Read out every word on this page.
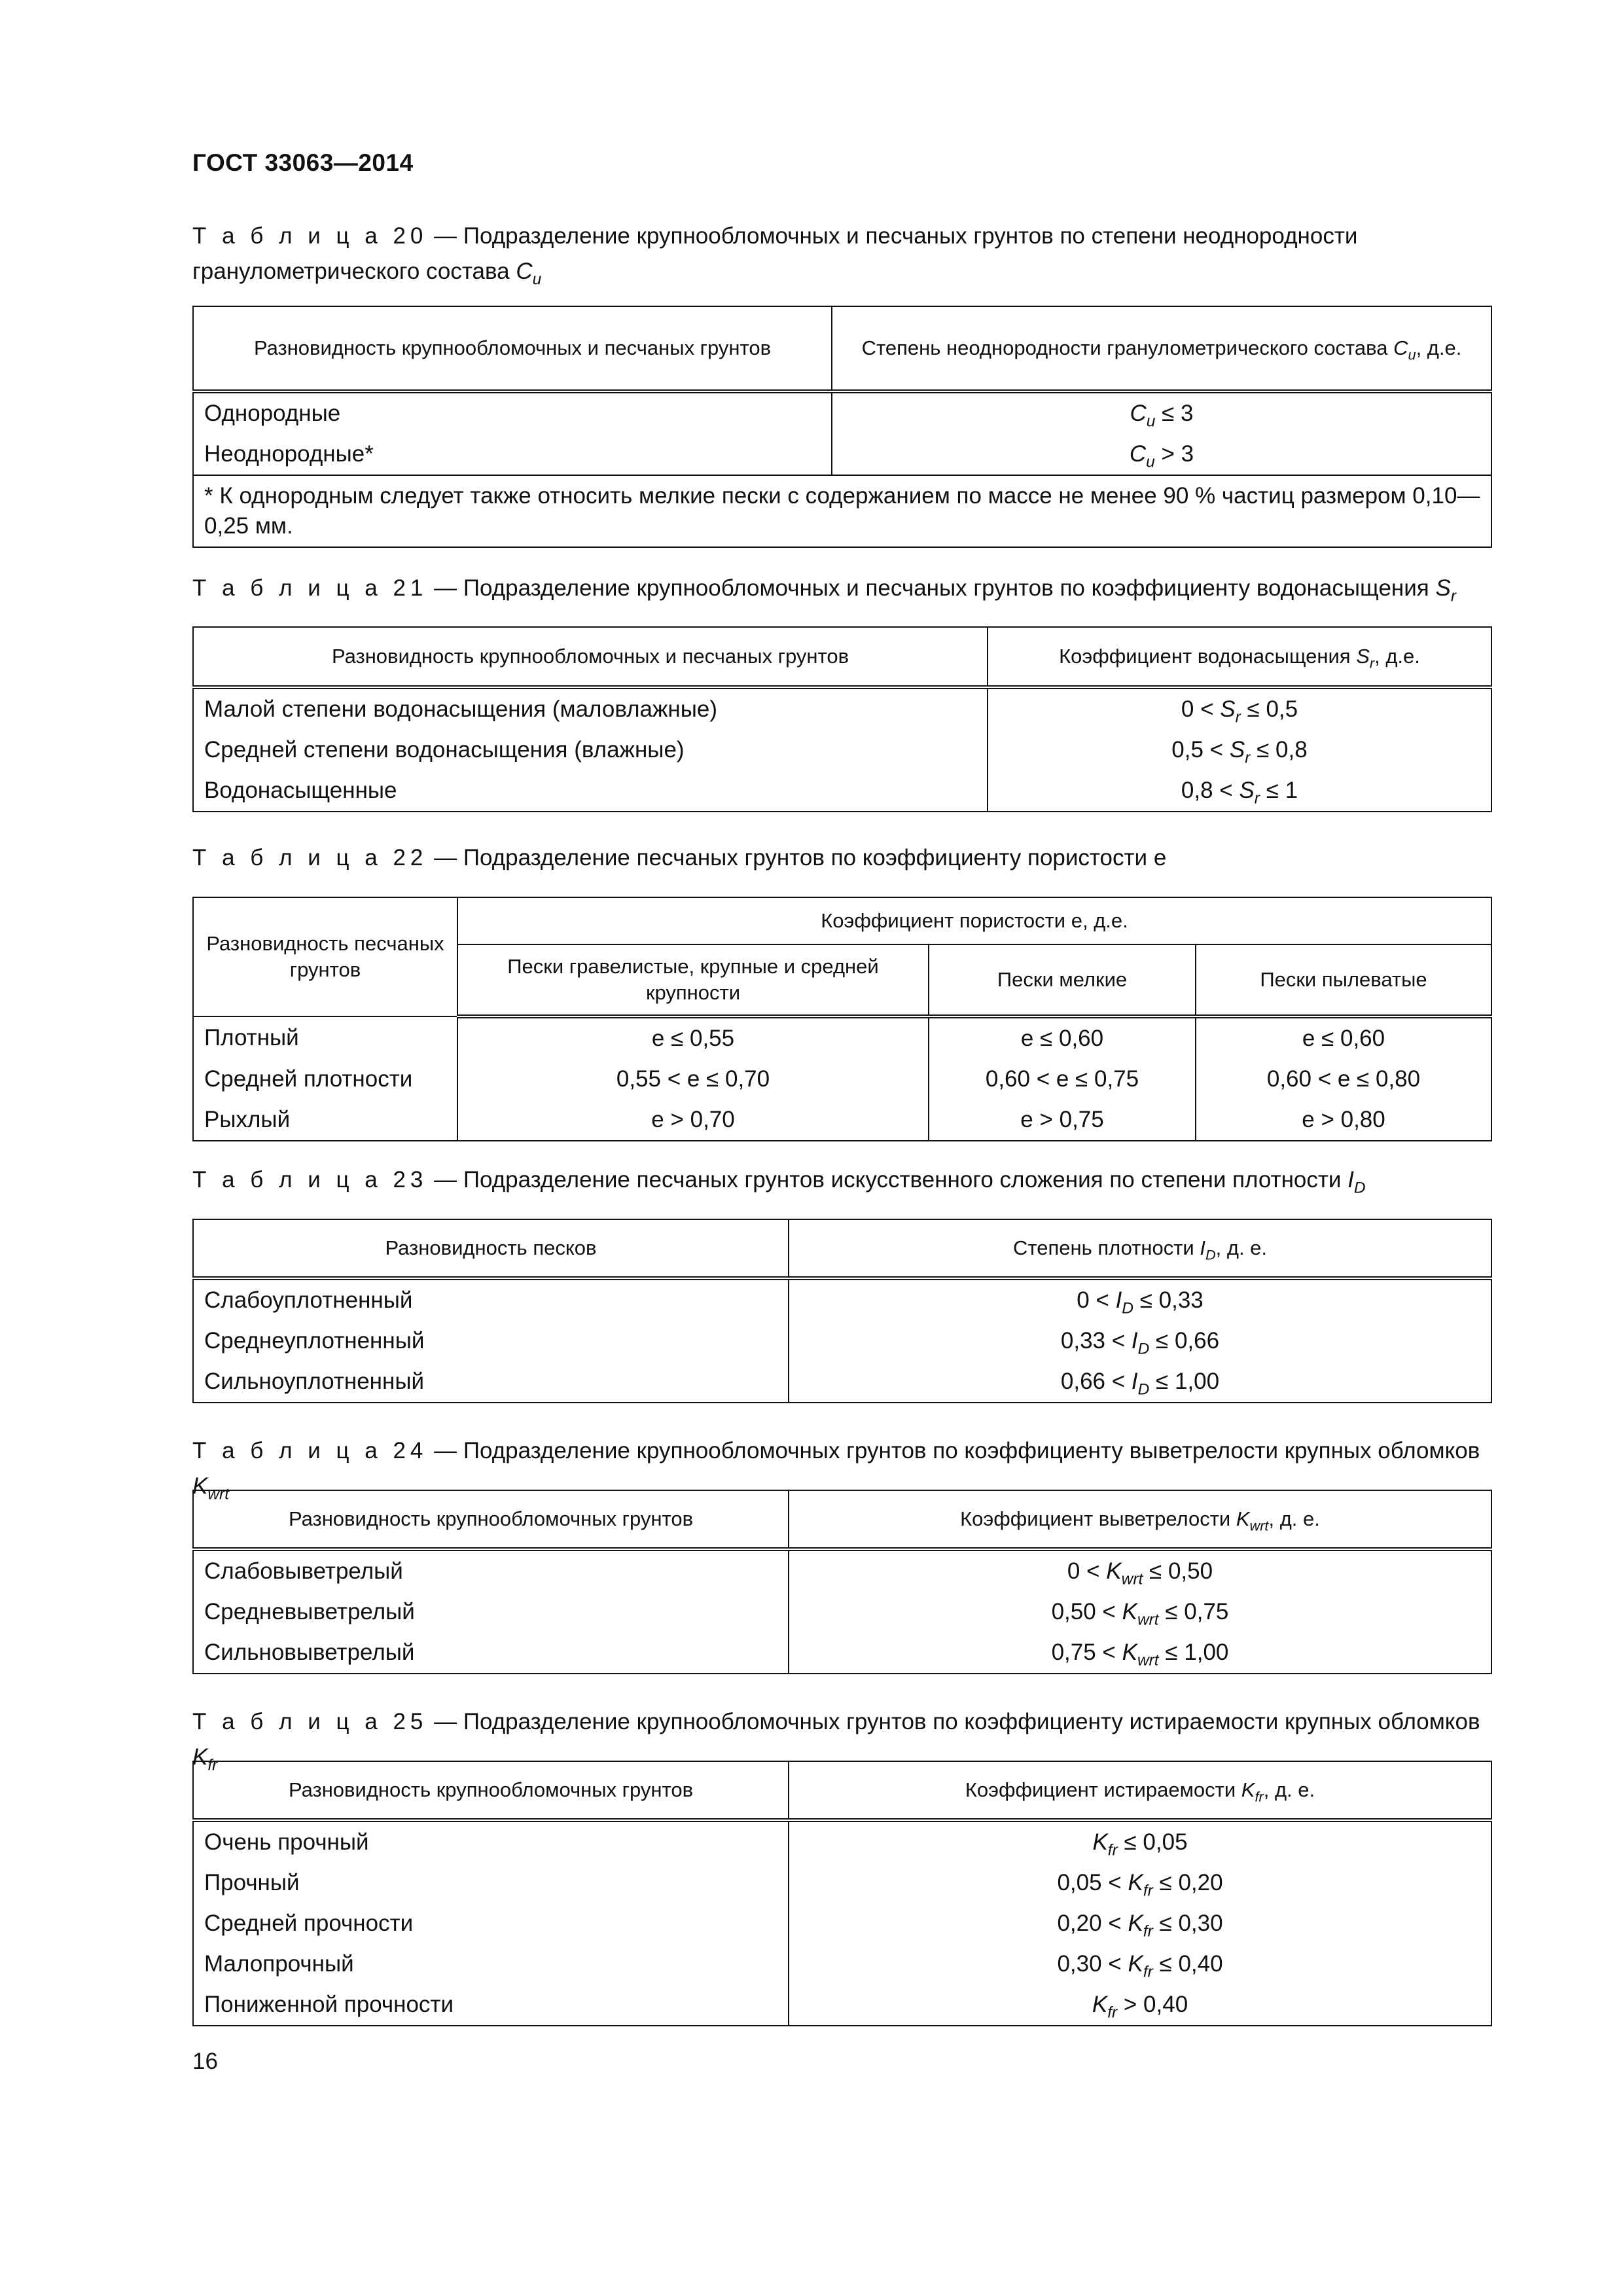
ГОСТ 33063—2014
Т а б л и ц а 20 — Подразделение крупнообломочных и песчаных грунтов по степени неоднородности гранулометрического состава $C_u$
Разновидность крупнообломочных и песчаных грунтов	Степень неоднородности гранулометрического состава $C_u$, д.е.
Однородные	$C_u \le 3$
Неоднородные*	$C_u > 3$
* К однородным следует также относить мелкие пески с содержанием по массе не менее 90 % частиц размером 0,10—0,25 мм.	
Т а б л и ц а 21 — Подразделение крупнообломочных и песчаных грунтов по коэффициенту водонасыщения $S_r$
Разновидность крупнообломочных и песчаных грунтов	Коэффициент водонасыщения $S_r$, д.е.
Малой степени водонасыщения (маловлажные)	$0 < S_r \le 0,5$
Средней степени водонасыщения (влажные)	$0,5 < S_r \le 0,8$
Водонасыщенные	$0,8 < S_r \le 1$
Т а б л и ц а 22 — Подразделение песчаных грунтов по коэффициенту пористости e
Разновидность песчаных грунтов	Коэффициент пористости e, д.е.		
	Пески гравелистые, крупные и средней крупности	Пески мелкие	Пески пылеватые
Плотный	e ≤ 0,55	e ≤ 0,60	e ≤ 0,60
Средней плотности	0,55 < e ≤ 0,70	0,60 < e ≤ 0,75	0,60 < e ≤ 0,80
Рыхлый	e > 0,70	e > 0,75	e > 0,80
Т а б л и ц а 23 — Подразделение песчаных грунтов искусственного сложения по степени плотности $I_D$
Разновидность песков	Степень плотности $I_D$, д. е.
Слабоуплотненный	$0 < I_D \le 0,33$
Среднеуплотненный	$0,33 < I_D \le 0,66$
Сильноуплотненный	$0,66 < I_D \le 1,00$
Т а б л и ц а 24 — Подразделение крупнообломочных грунтов по коэффициенту выветрелости крупных обломков $K_{wrt}$
Разновидность крупнообломочных грунтов	Коэффициент выветрелости $K_{wrt}$, д. е.
Слабовыветрелый	$0 < K_{wrt} \le 0,50$
Средневыветрелый	$0,50 < K_{wrt} \le 0,75$
Сильновыветрелый	$0,75 < K_{wrt} \le 1,00$
Т а б л и ц а 25 — Подразделение крупнообломочных грунтов по коэффициенту истираемости крупных обломков $K_{fr}$
Разновидность крупнообломочных грунтов	Коэффициент истираемости $K_{fr}$, д. е.
Очень прочный	$K_{fr} \le 0,05$
Прочный	$0,05 < K_{fr} \le 0,20$
Средней прочности	$0,20 < K_{fr} \le 0,30$
Малопрочный	$0,30 < K_{fr} \le 0,40$
Пониженной прочности	$K_{fr} > 0,40$
16
